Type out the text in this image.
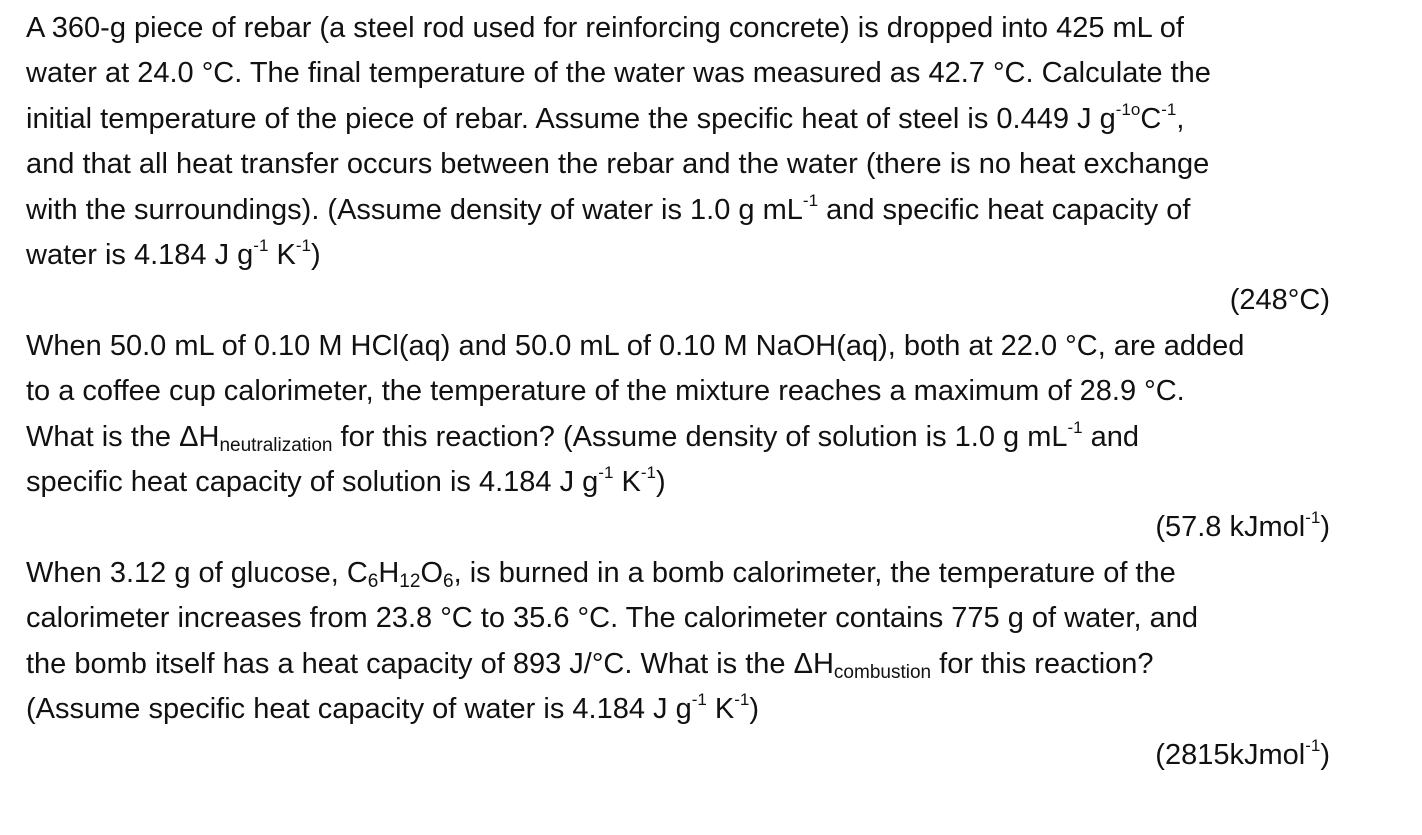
A 360-g piece of rebar (a steel rod used for reinforcing concrete) is dropped into 425 mL of
water at 24.0 °C. The final temperature of the water was measured as 42.7 °C. Calculate the
initial temperature of the piece of rebar. Assume the specific heat of steel is 0.449 J $g^{-1o}C^{-1}$,
and that all heat transfer occurs between the rebar and the water (there is no heat exchange
with the surroundings). (Assume density of water is 1.0 g $mL^{-1}$ and specific heat capacity of
water is 4.184 J $g^{-1}$ $K^{-1}$)

(248°C)

When 50.0 mL of 0.10 M HCl(aq) and 50.0 mL of 0.10 M NaOH(aq), both at 22.0 °C, are added
to a coffee cup calorimeter, the temperature of the mixture reaches a maximum of 28.9 °C.
What is the $\Delta H_{neutralization}$ for this reaction? (Assume density of solution is 1.0 g $mL^{-1}$ and
specific heat capacity of solution is 4.184 J $g^{-1}$ $K^{-1}$)

(57.8 kJmol$^{-1}$)

When 3.12 g of glucose, $C_6H_{12}O_6$, is burned in a bomb calorimeter, the temperature of the
calorimeter increases from 23.8 °C to 35.6 °C. The calorimeter contains 775 g of water, and
the bomb itself has a heat capacity of 893 J/°C. What is the $\Delta H_{combustion}$ for this reaction?
(Assume specific heat capacity of water is 4.184 J $g^{-1}$ $K^{-1}$)

(2815kJmol$^{-1}$)
